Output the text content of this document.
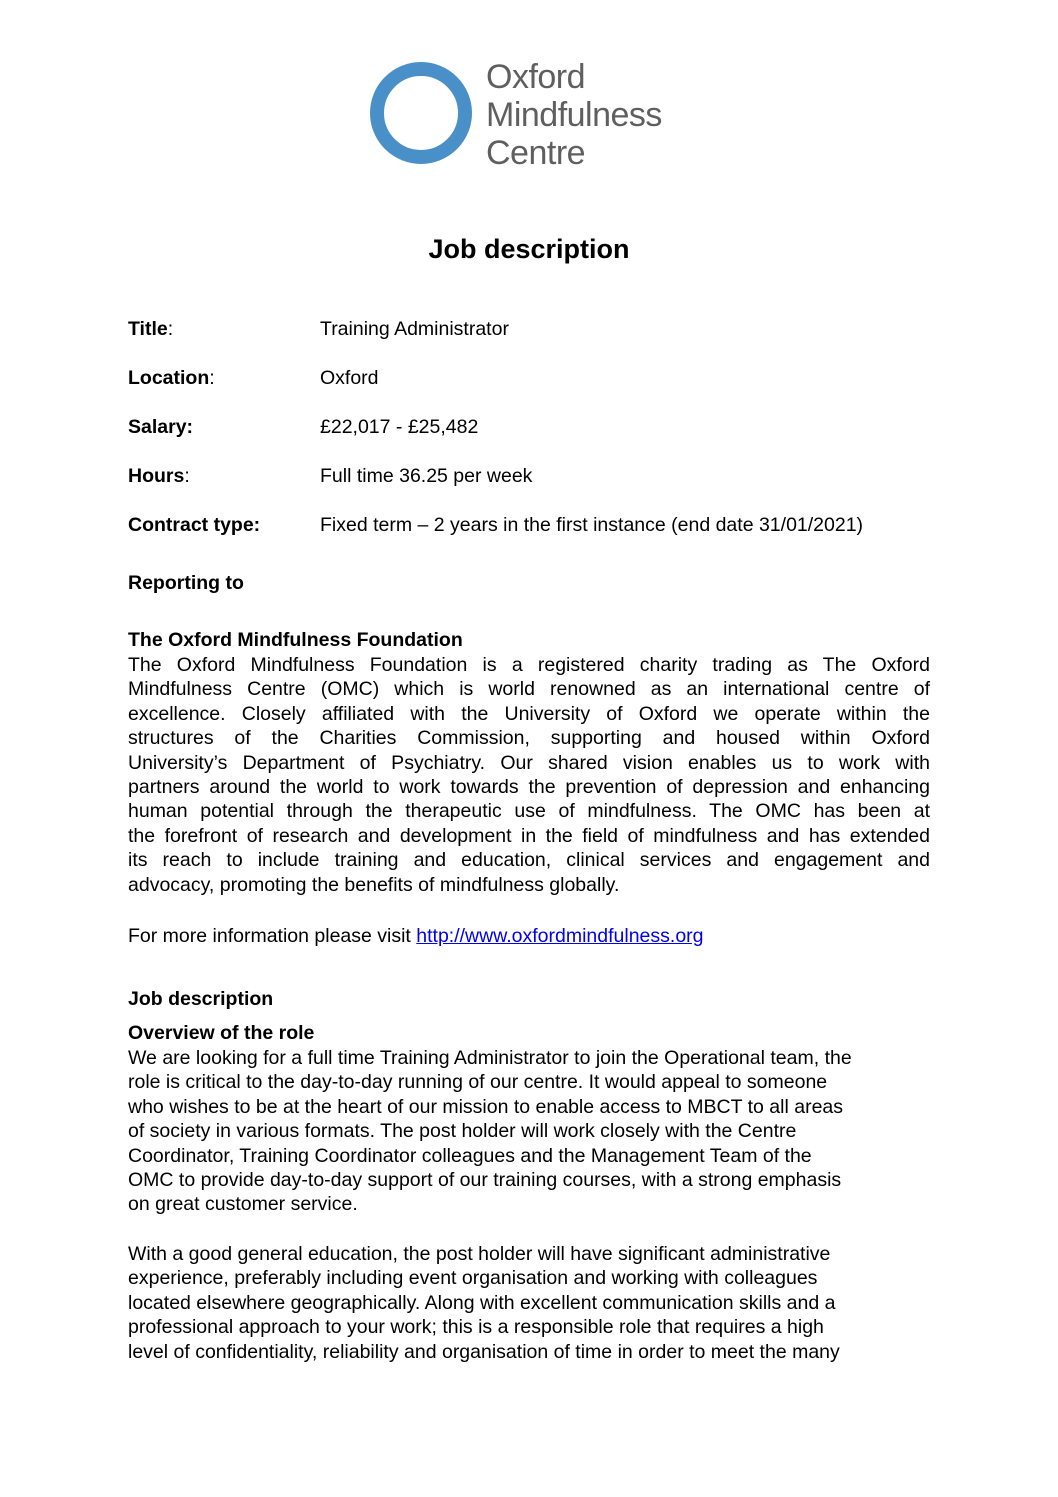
Oxford
Mindfulness
Centre
Job description
Title:	Training Administrator
Location:	Oxford
Salary:	£22,017 - £25,482
Hours:	Full time 36.25 per week
Contract type:	Fixed term – 2 years in the first instance (end date 31/01/2021)
Reporting to
The Oxford Mindfulness Foundation
The Oxford Mindfulness Foundation is a registered charity trading as The Oxford
Mindfulness Centre (OMC) which is world renowned as an international centre of
excellence. Closely affiliated with the University of Oxford we operate within the
structures of the Charities Commission, supporting and housed within Oxford
University’s Department of Psychiatry. Our shared vision enables us to work with
partners around the world to work towards the prevention of depression and enhancing
human potential through the therapeutic use of mindfulness. The OMC has been at
the forefront of research and development in the field of mindfulness and has extended
its reach to include training and education, clinical services and engagement and
advocacy, promoting the benefits of mindfulness globally.
For more information please visit http://www.oxfordmindfulness.org
Job description
Overview of the role
We are looking for a full time Training Administrator to join the Operational team, the
role is critical to the day-to-day running of our centre. It would appeal to someone
who wishes to be at the heart of our mission to enable access to MBCT to all areas
of society in various formats. The post holder will work closely with the Centre
Coordinator, Training Coordinator colleagues and the Management Team of the
OMC to provide day-to-day support of our training courses, with a strong emphasis
on great customer service.
With a good general education, the post holder will have significant administrative
experience, preferably including event organisation and working with colleagues
located elsewhere geographically. Along with excellent communication skills and a
professional approach to your work; this is a responsible role that requires a high
level of confidentiality, reliability and organisation of time in order to meet the many
